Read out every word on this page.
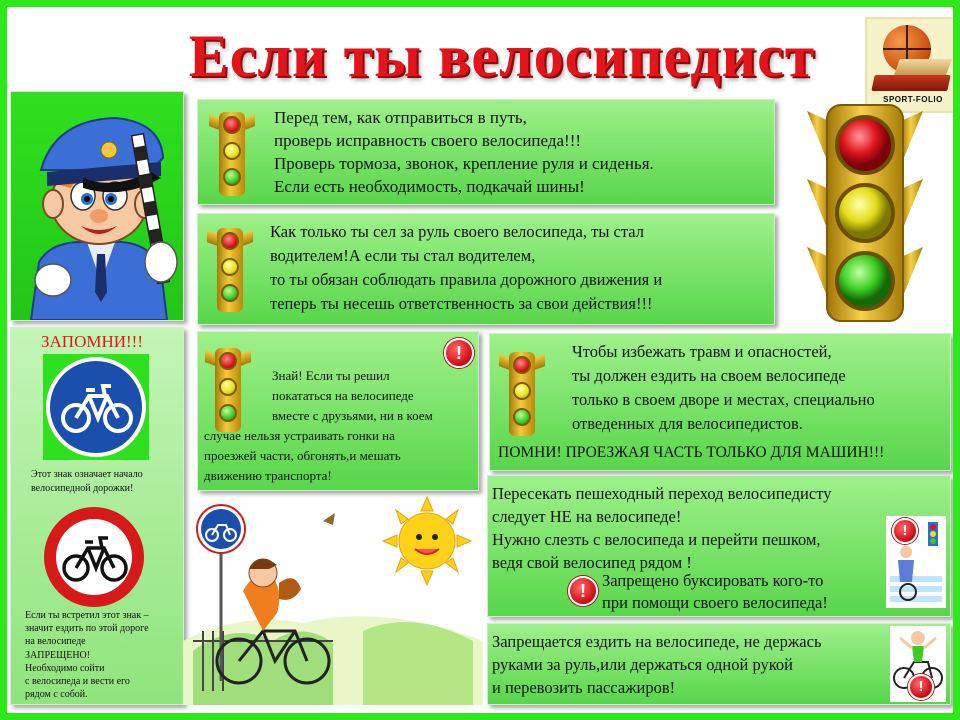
Если ты велосипедист
SPORT-FOLIO
Перед тем, как отправиться в путь,
проверь исправность своего велосипеда!!!
Проверь тормоза, звонок, крепление руля и сиденья.
Если есть необходимость, подкачай шины!
Как только ты сел за руль своего велосипеда, ты стал
водителем!А если ты стал водителем,
то ты обязан соблюдать правила дорожного движения и
теперь ты несешь ответственность за свои действия!!!
ЗАПОМНИ!!!
Этот знак означает начало
велосипедной дорожки!
Если ты встретил этот знак –
значит ездить по этой дороге
на велосипеде
ЗАПРЕЩЕНО!
Необходимо сойти
с велосипеда и вести его
рядом с собой.
!
Знай! Если ты решил
покататься на велосипеде
вместе с друзьями, ни в коем
случае нельзя устраивать гонки на
проезжей части, обгонять,и мешать
движению транспорта!
Чтобы избежать травм и опасностей,
ты должен ездить на своем велосипеде
только в своем дворе и местах, специально
отведенных для велосипедистов.
ПОМНИ! ПРОЕЗЖАЯ ЧАСТЬ ТОЛЬКО ДЛЯ МАШИН!!!
Пересекать пешеходный переход велосипедисту
следует НЕ на велосипеде!
Нужно слезть с велосипеда и перейти пешком,
ведя свой велосипед рядом !
!
Запрещено буксировать кого-то
при помощи своего велосипеда!
!
Запрещается ездить на велосипеде, не держась
руками за руль,или держаться одной рукой
и перевозить пассажиров!	!
